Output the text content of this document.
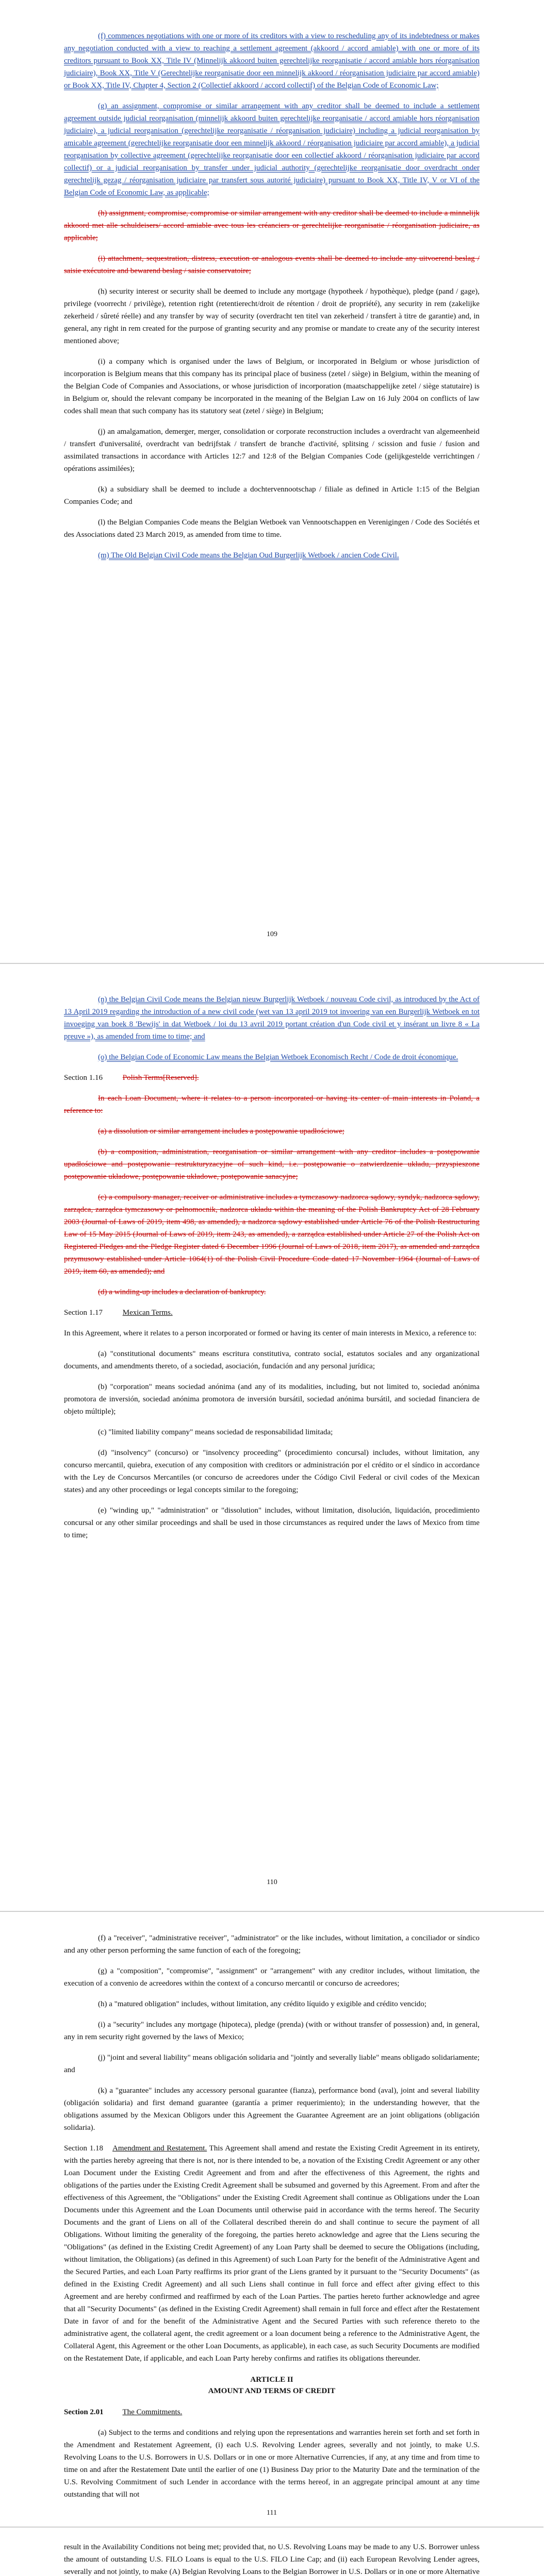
(f) commences negotiations with one or more of its creditors with a view to rescheduling any of its indebtedness or makes any negotiation conducted with a view to reaching a settlement agreement (akkoord / accord amiable) with one or more of its creditors pursuant to Book XX, Title IV (Minnelijk akkoord buiten gerechtelijke reorganisatie / accord amiable hors réorganisation judiciaire), Book XX, Title V (Gerechtelijke reorganisatie door een minnelijk akkoord / réorganisation judiciaire par accord amiable) or Book XX, Title IV, Chapter 4, Section 2 (Collectief akkoord / accord collectif) of the Belgian Code of Economic Law;

(g) an assignment, compromise or similar arrangement with any creditor shall be deemed to include a settlement agreement outside judicial reorganisation (minnelijk akkoord buiten gerechtelijke reorganisatie / accord amiable hors réorganisation judiciaire), a judicial reorganisation (gerechtelijke reorganisatie / réorganisation judiciaire) including a judicial reorganisation by amicable agreement (gerechtelijke reorganisatie door een minnelijk akkoord / réorganisation judiciaire par accord amiable), a judicial reorganisation by collective agreement (gerechtelijke reorganisatie door een collectief akkoord / réorganisation judiciaire par accord collectif) or a judicial reorganisation by transfer under judicial authority (gerechtelijke reorganisatie door overdracht onder gerechtelijk gezag / réorganisation judiciaire par transfert sous autorité judiciaire) pursuant to Book XX, Title IV, V or VI of the Belgian Code of Economic Law, as applicable;

(h) assignment, compromise, compromise or similar arrangement with any creditor shall be deemed to include a minnelijk akkoord met alle schuldeisers/ accord amiable avec tous les créanciers or gerechtelijke reorganisatie / réorganisation judiciaire, as applicable;

(i) attachment, sequestration, distress, execution or analogous events shall be deemed to include any uitvoerend beslag / saisie exécutoire and bewarend beslag / saisie conservatoire;

(h) security interest or security shall be deemed to include any mortgage (hypotheek / hypothèque), pledge (pand / gage), privilege (voorrecht / privilège), retention right (retentierecht/droit de rétention / droit de propriété), any security in rem (zakelijke zekerheid / sûreté réelle) and any transfer by way of security (overdracht ten titel van zekerheid / transfert à titre de garantie) and, in general, any right in rem created for the purpose of granting security and any promise or mandate to create any of the security interest mentioned above;

(i) a company which is organised under the laws of Belgium, or incorporated in Belgium or whose jurisdiction of incorporation is Belgium means that this company has its principal place of business (zetel / siège) in Belgium, within the meaning of the Belgian Code of Companies and Associations, or whose jurisdiction of incorporation (maatschappelijke zetel / siège statutaire) is in Belgium or, should the relevant company be incorporated in the meaning of the Belgian Law on 16 July 2004 on conflicts of law codes shall mean that such company has its statutory seat (zetel / siège) in Belgium;

(j) an amalgamation, demerger, merger, consolidation or corporate reconstruction includes a overdracht van algemeenheid / transfert d'universalité, overdracht van bedrijfstak / transfert de branche d'activité, splitsing / scission and fusie / fusion and assimilated transactions in accordance with Articles 12:7 and 12:8 of the Belgian Companies Code (gelijkgestelde verrichtingen / opérations assimilées);

(k) a subsidiary shall be deemed to include a dochtervennootschap / filiale as defined in Article 1:15 of the Belgian Companies Code; and

(l) the Belgian Companies Code means the Belgian Wetboek van Vennootschappen en Verenigingen / Code des Sociétés et des Associations dated 23 March 2019, as amended from time to time.

(m) The Old Belgian Civil Code means the Belgian Oud Burgerlijk Wetboek / ancien Code Civil.

109

(n) the Belgian Civil Code means the Belgian nieuw Burgerlijk Wetboek / nouveau Code civil, as introduced by the Act of 13 April 2019 regarding the introduction of a new civil code (wet van 13 april 2019 tot invoering van een Burgerlijk Wetboek en tot invoeging van boek 8 'Bewijs' in dat Wetboek / loi du 13 avril 2019 portant création d'un Code civil et y insérant un livre 8 « La preuve »), as amended from time to time; and

(o) the Belgian Code of Economic Law means the Belgian Wetboek Economisch Recht / Code de droit économique.

Section 1.16	Polish Terms[Reserved].

In each Loan Document, where it relates to a person incorporated or having its center of main interests in Poland, a reference to:

(a) a dissolution or similar arrangement includes a postępowanie upadłościowe;

(b) a composition, administration, reorganisation or similar arrangement with any creditor includes a postępowanie upadłościowe and postępowanie restrukturyzacyjne of such kind, i.e. postępowanie o zatwierdzenie układu, przyspieszone postępowanie układowe, postępowanie układowe, postępowanie sanacyjne;

(c) a compulsory manager, receiver or administrative includes a tymczasowy nadzorca sądowy, syndyk, nadzorca sądowy, zarządca, zarządca tymczasowy or pełnomocnik, nadzorca układu within the meaning of the Polish Bankruptcy Act of 28 February 2003 (Journal of Laws of 2019, item 498, as amended), a nadzorca sądowy established under Article 76 of the Polish Restructuring Law of 15 May 2015 (Journal of Laws of 2019, item 243, as amended), a zarządca established under Article 27 of the Polish Act on Registered Pledges and the Pledge Register dated 6 December 1996 (Journal of Laws of 2018, item 2017), as amended and zarządca przymusowy established under Article 1064(1) of the Polish Civil Procedure Code dated 17 November 1964 (Journal of Laws of 2019, item 60, as amended); and

(d) a winding-up includes a declaration of bankruptcy.

Section 1.17	Mexican Terms.

In this Agreement, where it relates to a person incorporated or formed or having its center of main interests in Mexico, a reference to:

(a) "constitutional documents" means escritura constitutiva, contrato social, estatutos sociales and any organizational documents, and amendments thereto, of a sociedad, asociación, fundación and any personal jurídica;

(b) "corporation" means sociedad anónima (and any of its modalities, including, but not limited to, sociedad anónima promotora de inversión, sociedad anónima promotora de inversión bursátil, sociedad anónima bursátil, and sociedad financiera de objeto múltiple);

(c) "limited liability company" means sociedad de responsabilidad limitada;

(d) "insolvency" (concurso) or "insolvency proceeding" (procedimiento concursal) includes, without limitation, any concurso mercantil, quiebra, execution of any composition with creditors or administración por el crédito or el síndico in accordance with the Ley de Concursos Mercantiles (or concurso de acreedores under the Código Civil Federal or civil codes of the Mexican states) and any other proceedings or legal concepts similar to the foregoing;

(e) "winding up," "administration" or "dissolution" includes, without limitation, disolución, liquidación, procedimiento concursal or any other similar proceedings and shall be used in those circumstances as required under the laws of Mexico from time to time;

110

(f) a "receiver", "administrative receiver", "administrator" or the like includes, without limitation, a conciliador or síndico and any other person performing the same function of each of the foregoing;

(g) a "composition", "compromise", "assignment" or "arrangement" with any creditor includes, without limitation, the execution of a convenio de acreedores within the context of a concurso mercantil or concurso de acreedores;

(h) a "matured obligation" includes, without limitation, any crédito líquido y exigible and crédito vencido;

(i) a "security" includes any mortgage (hipoteca), pledge (prenda) (with or without transfer of possession) and, in general, any in rem security right governed by the laws of Mexico;

(j) "joint and several liability" means obligación solidaria and "jointly and severally liable" means obligado solidariamente; and

(k) a "guarantee" includes any accessory personal guarantee (fianza), performance bond (aval), joint and several liability (obligación solidaria) and first demand guarantee (garantía a primer requerimiento); in the understanding however, that the obligations assumed by the Mexican Obligors under this Agreement the Guarantee Agreement are an joint obligations (obligación solidaria).

Section 1.18 Amendment and Restatement. This Agreement shall amend and restate the Existing Credit Agreement in its entirety, with the parties hereby agreeing that there is not, nor is there intended to be, a novation of the Existing Credit Agreement or any other Loan Document under the Existing Credit Agreement and from and after the effectiveness of this Agreement, the rights and obligations of the parties under the Existing Credit Agreement shall be subsumed and governed by this Agreement. From and after the effectiveness of this Agreement, the "Obligations" under the Existing Credit Agreement shall continue as Obligations under the Loan Documents under this Agreement and the Loan Documents until otherwise paid in accordance with the terms hereof. The Security Documents and the grant of Liens on all of the Collateral described therein do and shall continue to secure the payment of all Obligations. Without limiting the generality of the foregoing, the parties hereto acknowledge and agree that the Liens securing the "Obligations" (as defined in the Existing Credit Agreement) of any Loan Party shall be deemed to secure the Obligations (including, without limitation, the Obligations) (as defined in this Agreement) of such Loan Party for the benefit of the Administrative Agent and the Secured Parties, and each Loan Party reaffirms its prior grant of the Liens granted by it pursuant to the "Security Documents" (as defined in the Existing Credit Agreement) and all such Liens shall continue in full force and effect after giving effect to this Agreement and are hereby confirmed and reaffirmed by each of the Loan Parties. The parties hereto further acknowledge and agree that all "Security Documents" (as defined in the Existing Credit Agreement) shall remain in full force and effect after the Restatement Date in favor of and for the benefit of the Administrative Agent and the Secured Parties with such reference thereto to the administrative agent, the collateral agent, the credit agreement or a loan document being a reference to the Administrative Agent, the Collateral Agent, this Agreement or the other Loan Documents, as applicable), in each case, as such Security Documents are modified on the Restatement Date, if applicable, and each Loan Party hereby confirms and ratifies its obligations thereunder.

ARTICLE II
AMOUNT AND TERMS OF CREDIT
Section 2.01 The Commitments.

(a) Subject to the terms and conditions and relying upon the representations and warranties herein set forth and set forth in the Amendment and Restatement Agreement, (i) each U.S. Revolving Lender agrees, severally and not jointly, to make U.S. Revolving Loans to the U.S. Borrowers in U.S. Dollars or in one or more Alternative Currencies, if any, at any time and from time to time on and after the Restatement Date until the earlier of one (1) Business Day prior to the Maturity Date and the termination of the U.S. Revolving Commitment of such Lender in accordance with the terms hereof, in an aggregate principal amount at any time outstanding that will not

111

result in the Availability Conditions not being met; provided that, no U.S. Revolving Loans may be made to any U.S. Borrower unless the amount of outstanding U.S. FILO Loans is equal to the U.S. FILO Line Cap; and (ii) each European Revolving Lender agrees, severally and not jointly, to make (A) Belgian Revolving Loans to the Belgian Borrower in U.S. Dollars or in one or more Alternative
